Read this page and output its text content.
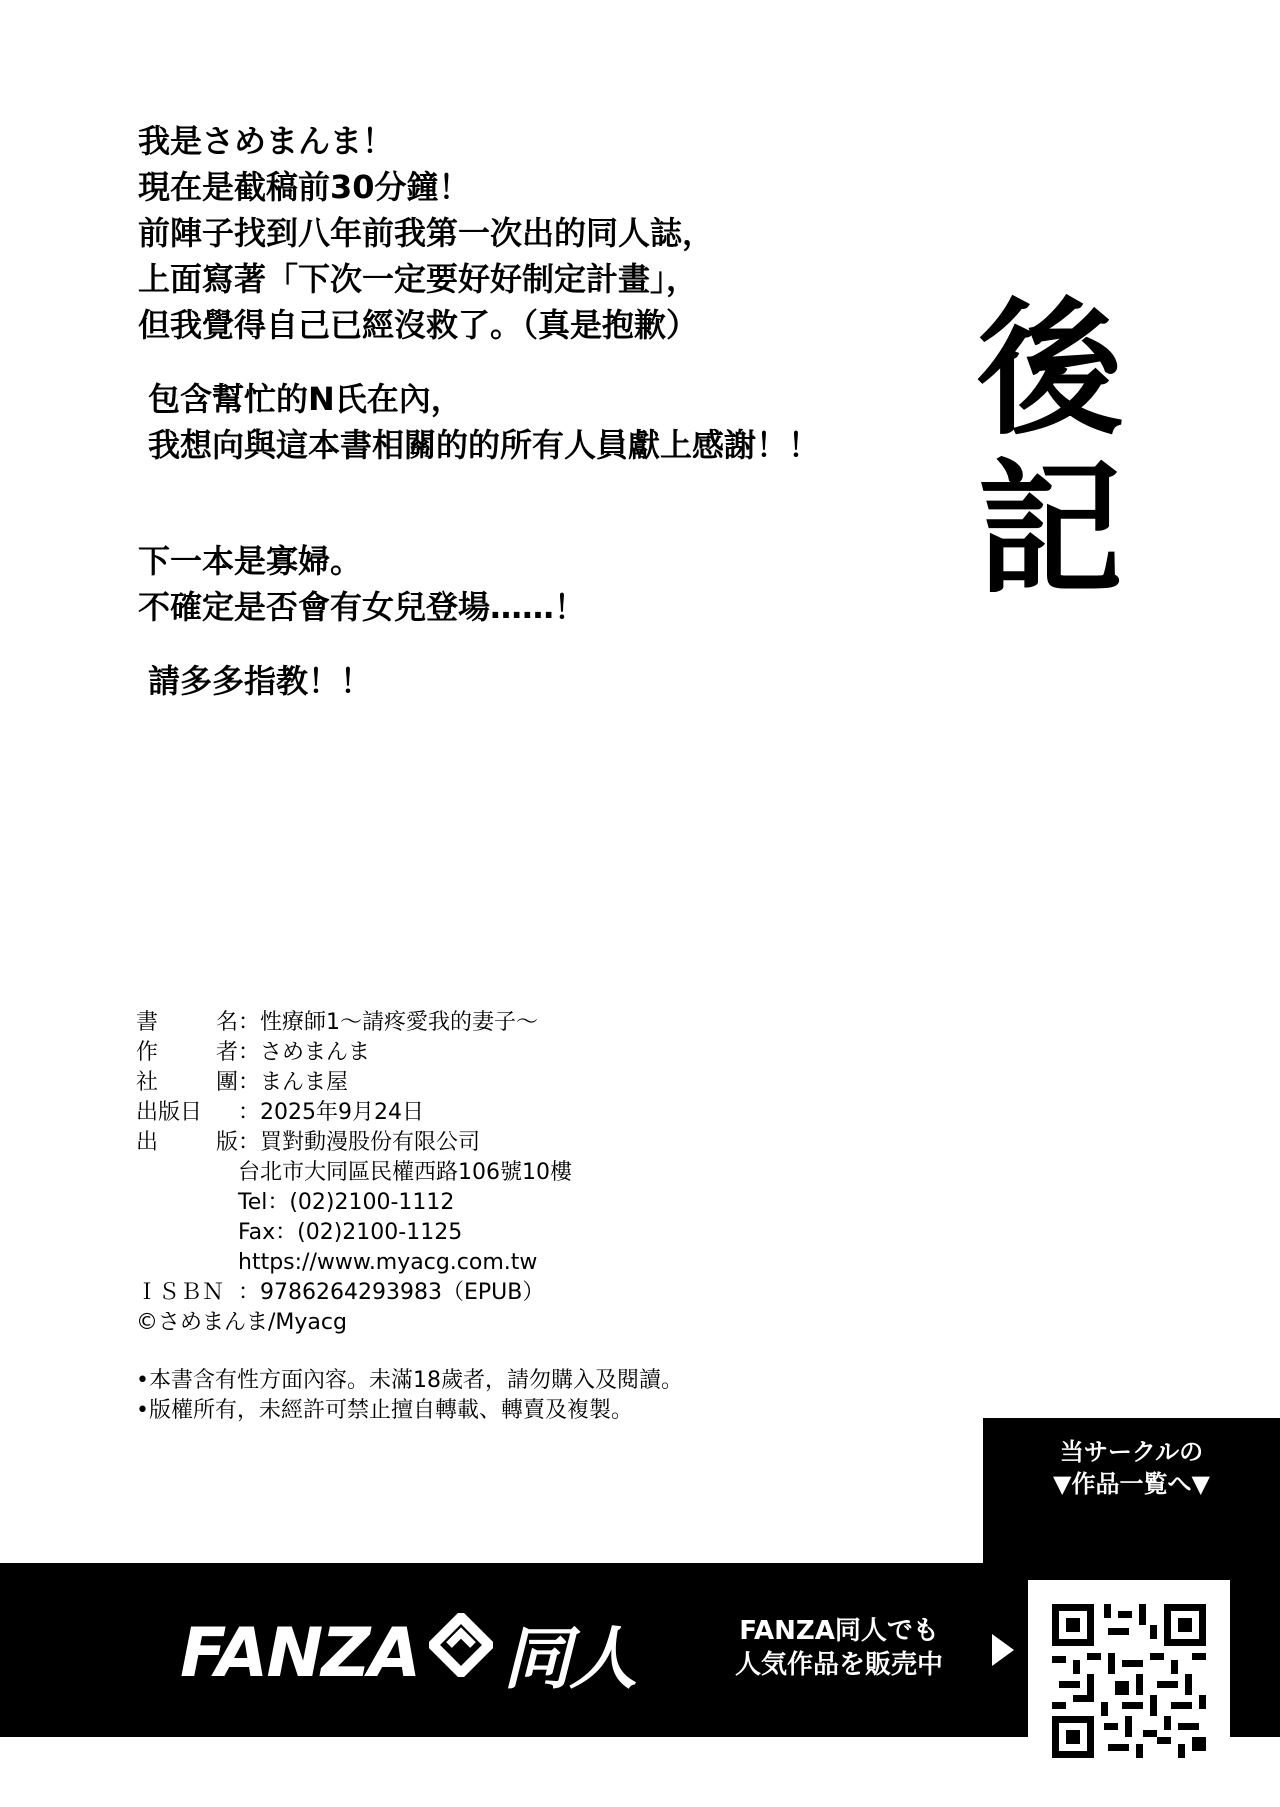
我是さめまんま！
現在是截稿前30分鐘！
前陣子找到八年前我第一次出的同人誌，
上面寫著「下次一定要好好制定計畫」，
但我覺得自己已經沒救了。（真是抱歉）
包含幫忙的N氏在內，
我想向與這本書相關的的所有人員獻上感謝！！
下一本是寡婦。
不確定是否會有女兒登場……！
請多多指教！！
後
記
書	名 ： 性療師1～請疼愛我的妻子～
作	者 ： さめまんま
社	團 ： まんま屋
出版日 ： 2025年9月24日
出	版 ： 買對動漫股份有限公司
台北市大同區民權西路106號10樓
Tel：(02)2100-1112
Fax：(02)2100-1125
https://www.myacg.com.tw
ＩＳＢＮ ： 9786264293983（EPUB）
©さめまんま/Myacg
•本書含有性方面內容。未滿18歲者，請勿購入及閱讀。
•版權所有，未經許可禁止擅自轉載、轉賣及複製。
当サークルの
▼作品一覧へ▼
FANZA 同人	FANZA同人でも
人気作品を販売中
